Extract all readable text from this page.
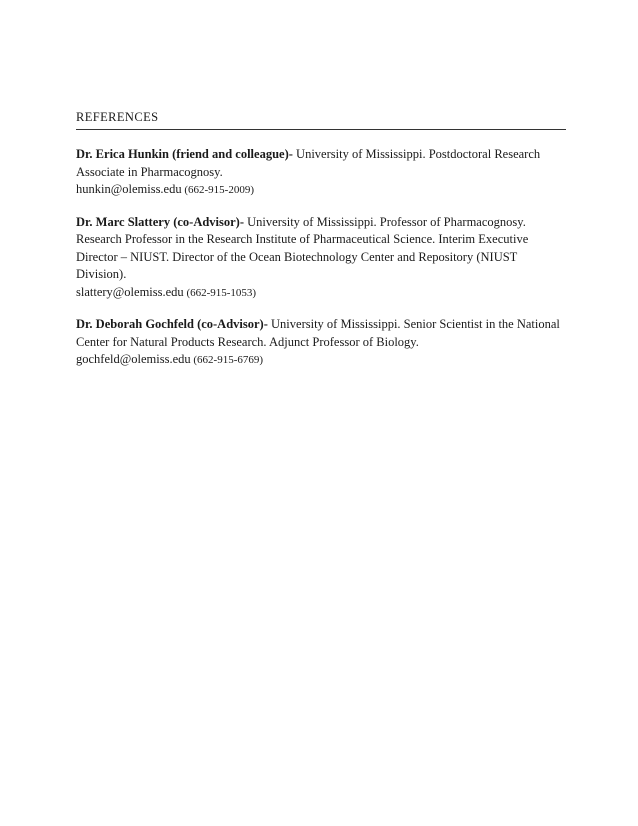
REFERENCES
Dr. Erica Hunkin (friend and colleague)- University of Mississippi. Postdoctoral Research Associate in Pharmacognosy.
hunkin@olemiss.edu (662-915-2009)
Dr. Marc Slattery (co-Advisor)- University of Mississippi. Professor of Pharmacognosy. Research Professor in the Research Institute of Pharmaceutical Science. Interim Executive Director – NIUST. Director of the Ocean Biotechnology Center and Repository (NIUST Division).
slattery@olemiss.edu (662-915-1053)
Dr. Deborah Gochfeld (co-Advisor)- University of Mississippi. Senior Scientist in the National Center for Natural Products Research. Adjunct Professor of Biology.
gochfeld@olemiss.edu (662-915-6769)
